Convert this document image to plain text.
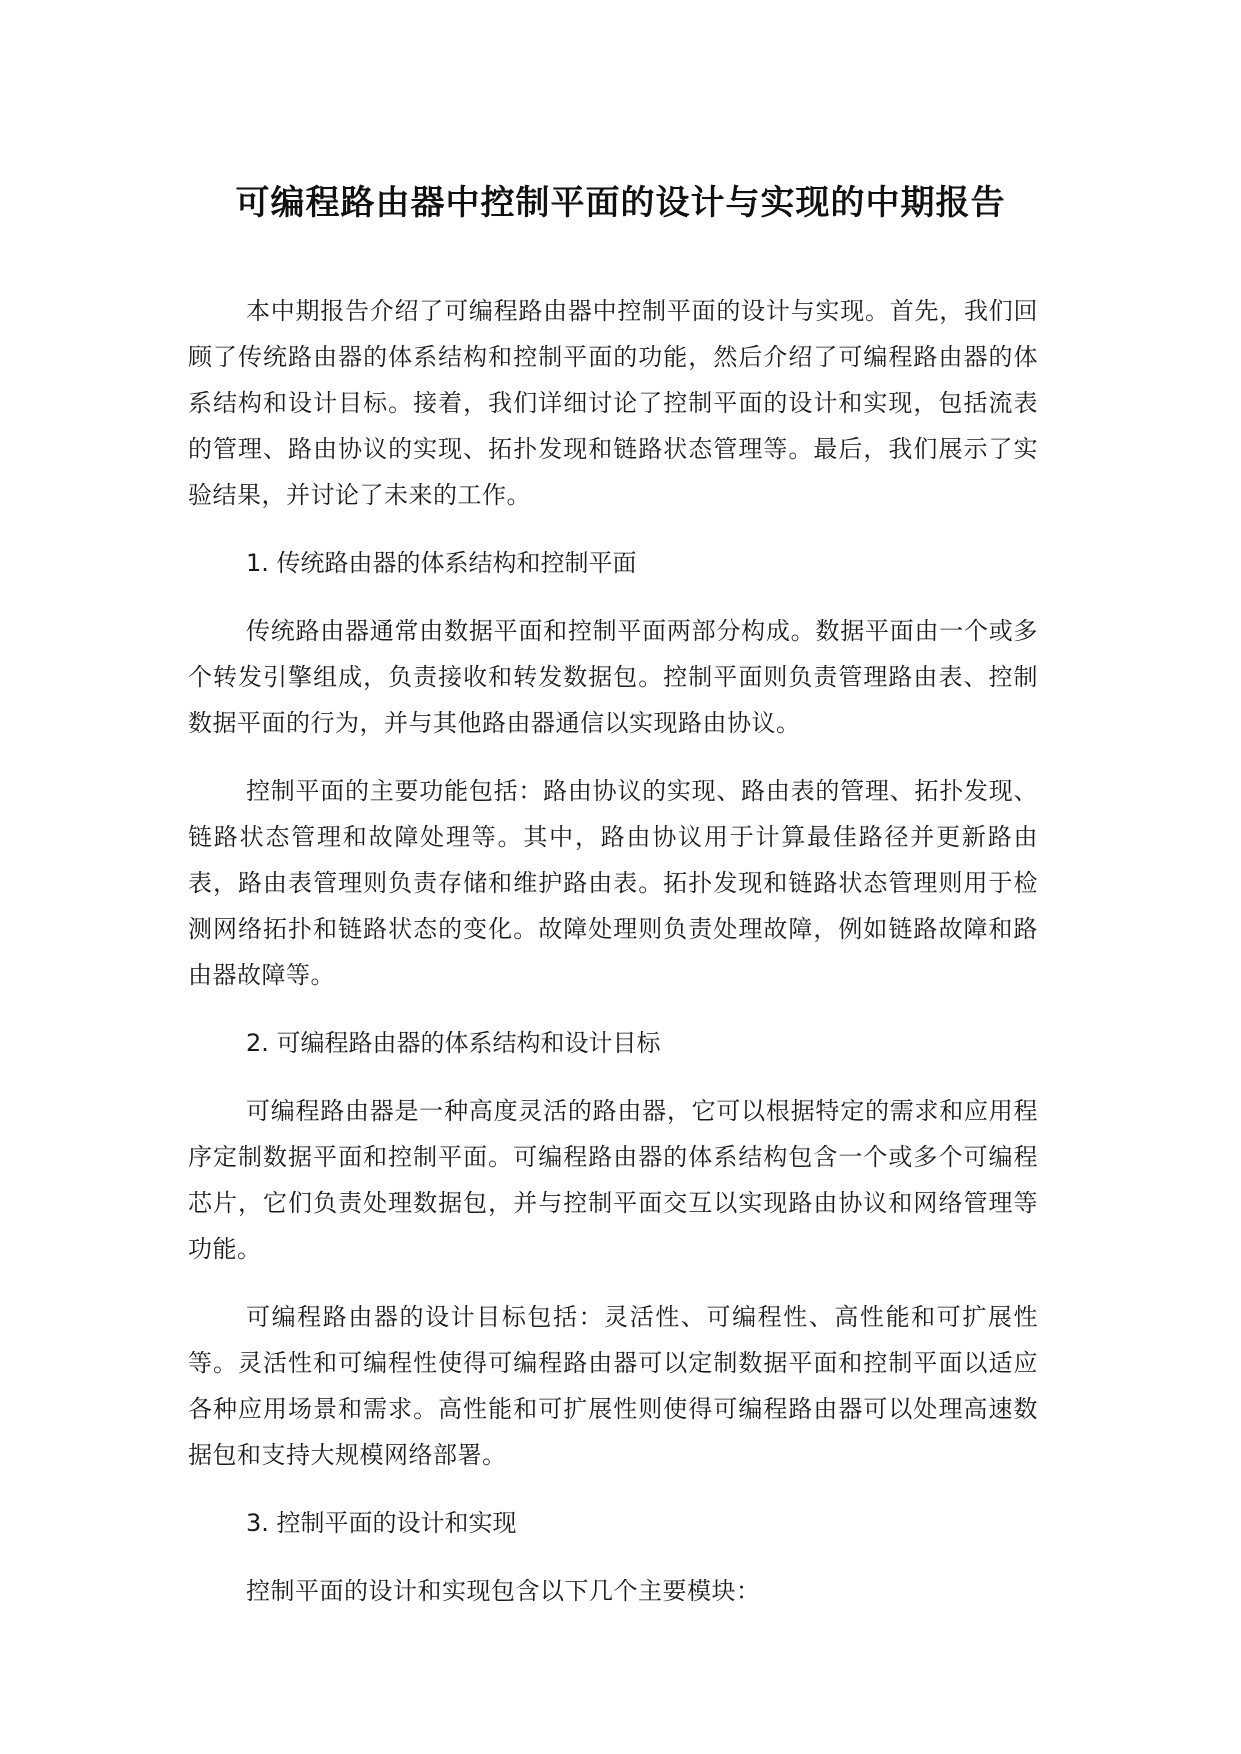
可编程路由器中控制平面的设计与实现的中期报告

本中期报告介绍了可编程路由器中控制平面的设计与实现。首先，我们回顾了传统路由器的体系结构和控制平面的功能，然后介绍了可编程路由器的体系结构和设计目标。接着，我们详细讨论了控制平面的设计和实现，包括流表的管理、路由协议的实现、拓扑发现和链路状态管理等。最后，我们展示了实验结果，并讨论了未来的工作。

1. 传统路由器的体系结构和控制平面

传统路由器通常由数据平面和控制平面两部分构成。数据平面由一个或多个转发引擎组成，负责接收和转发数据包。控制平面则负责管理路由表、控制数据平面的行为，并与其他路由器通信以实现路由协议。

控制平面的主要功能包括：路由协议的实现、路由表的管理、拓扑发现、链路状态管理和故障处理等。其中，路由协议用于计算最佳路径并更新路由表，路由表管理则负责存储和维护路由表。拓扑发现和链路状态管理则用于检测网络拓扑和链路状态的变化。故障处理则负责处理故障，例如链路故障和路由器故障等。

2. 可编程路由器的体系结构和设计目标

可编程路由器是一种高度灵活的路由器，它可以根据特定的需求和应用程序定制数据平面和控制平面。可编程路由器的体系结构包含一个或多个可编程芯片，它们负责处理数据包，并与控制平面交互以实现路由协议和网络管理等功能。

可编程路由器的设计目标包括：灵活性、可编程性、高性能和可扩展性等。灵活性和可编程性使得可编程路由器可以定制数据平面和控制平面以适应各种应用场景和需求。高性能和可扩展性则使得可编程路由器可以处理高速数据包和支持大规模网络部署。

3. 控制平面的设计和实现

控制平面的设计和实现包含以下几个主要模块：
